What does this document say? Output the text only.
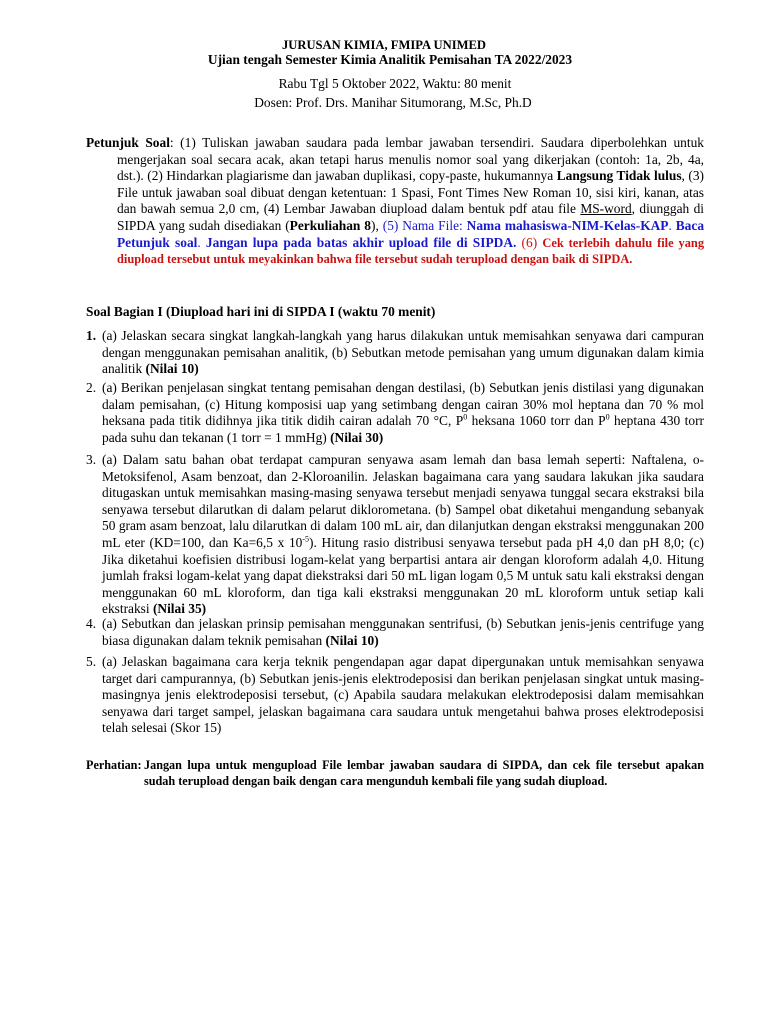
JURUSAN KIMIA, FMIPA UNIMED
Ujian tengah Semester Kimia Analitik Pemisahan TA 2022/2023
Rabu Tgl 5 Oktober 2022, Waktu: 80 menit
Dosen: Prof. Drs. Manihar Situmorang, M.Sc, Ph.D
Petunjuk Soal: (1) Tuliskan jawaban saudara pada lembar jawaban tersendiri. Saudara diperbolehkan untuk mengerjakan soal secara acak, akan tetapi harus menulis nomor soal yang dikerjakan (contoh: 1a, 2b, 4a, dst.). (2) Hindarkan plagiarisme dan jawaban duplikasi, copy-paste, hukumannya Langsung Tidak lulus, (3) File untuk jawaban soal dibuat dengan ketentuan: 1 Spasi, Font Times New Roman 10, sisi kiri, kanan, atas dan bawah semua 2,0 cm, (4) Lembar Jawaban diupload dalam bentuk pdf atau file MS-word, diunggah di SIPDA yang sudah disediakan (Perkuliahan 8), (5) Nama File: Nama mahasiswa-NIM-Kelas-KAP. Baca Petunjuk soal. Jangan lupa pada batas akhir upload file di SIPDA. (6) Cek terlebih dahulu file yang diupload tersebut untuk meyakinkan bahwa file tersebut sudah terupload dengan baik di SIPDA.
Soal Bagian I (Diupload hari ini di SIPDA I (waktu 70 menit)
1. (a) Jelaskan secara singkat langkah-langkah yang harus dilakukan untuk memisahkan senyawa dari campuran dengan menggunakan pemisahan analitik, (b) Sebutkan metode pemisahan yang umum digunakan dalam kimia analitik (Nilai 10)
2. (a) Berikan penjelasan singkat tentang pemisahan dengan destilasi, (b) Sebutkan jenis distilasi yang digunakan dalam pemisahan, (c) Hitung komposisi uap yang setimbang dengan cairan 30% mol heptana dan 70 % mol heksana pada titik didihnya jika titik didih cairan adalah 70 °C, $P^0$ heksana 1060 torr dan $P^0$ heptana 430 torr pada suhu dan tekanan (1 torr = 1 mmHg) (Nilai 30)
3. (a) Dalam satu bahan obat terdapat campuran senyawa asam lemah dan basa lemah seperti: Naftalena, o-Metoksifenol, Asam benzoat, dan 2-Kloroanilin. Jelaskan bagaimana cara yang saudara lakukan jika saudara ditugaskan untuk memisahkan masing-masing senyawa tersebut menjadi senyawa tunggal secara ekstraksi bila senyawa tersebut dilarutkan di dalam pelarut diklorometana. (b) Sampel obat diketahui mengandung sebanyak 50 gram asam benzoat, lalu dilarutkan di dalam 100 mL air, dan dilanjutkan dengan ekstraksi menggunakan 200 mL eter (KD=100, dan Ka=6,5 x $10^{-5}$). Hitung rasio distribusi senyawa tersebut pada pH 4,0 dan pH 8,0; (c) Jika diketahui koefisien distribusi logam-kelat yang berpartisi antara air dengan kloroform adalah 4,0. Hitung jumlah fraksi logam-kelat yang dapat diekstraksi dari 50 mL ligan logam 0,5 M untuk satu kali ekstraksi dengan menggunakan 60 mL kloroform, dan tiga kali ekstraksi menggunakan 20 mL kloroform untuk setiap kali ekstraksi (Nilai 35)
4. (a) Sebutkan dan jelaskan prinsip pemisahan menggunakan sentrifusi, (b) Sebutkan jenis-jenis centrifuge yang biasa digunakan dalam teknik pemisahan (Nilai 10)
5. (a) Jelaskan bagaimana cara kerja teknik pengendapan agar dapat dipergunakan untuk memisahkan senyawa target dari campurannya, (b) Sebutkan jenis-jenis elektrodeposisi dan berikan penjelasan singkat untuk masing-masingnya jenis elektrodeposisi tersebut, (c) Apabila saudara melakukan elektrodeposisi dalam memisahkan senyawa dari target sampel, jelaskan bagaimana cara saudara untuk mengetahui bahwa proses elektrodeposisi telah selesai (Skor 15)
Perhatian: Jangan lupa untuk mengupload File lembar jawaban saudara di SIPDA, dan cek file tersebut apakan sudah terupload dengan baik dengan cara mengunduh kembali file yang sudah diupload.
